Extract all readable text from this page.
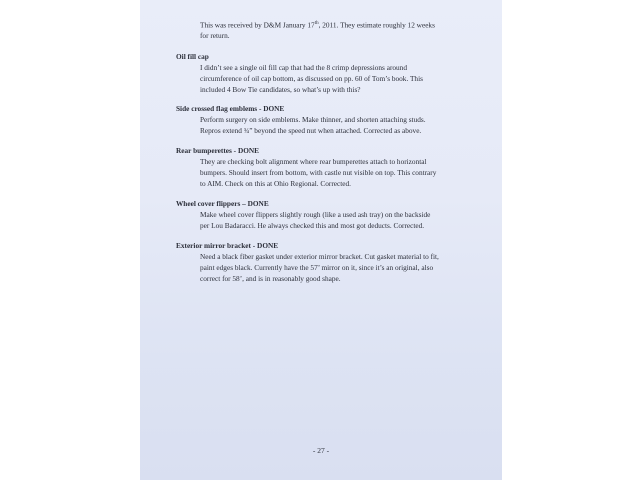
This was received by D&M January 17th, 2011. They estimate roughly 12 weeks
for return.
Oil fill cap
I didn’t see a single oil fill cap that had the 8 crimp depressions around
circumference of oil cap bottom, as discussed on pp. 60 of Tom’s book. This
included 4 Bow Tie candidates, so what’s up with this?
Side crossed flag emblems - DONE
Perform surgery on side emblems. Make thinner, and shorten attaching studs.
Repros extend ¾” beyond the speed nut when attached. Corrected as above.
Rear bumperettes - DONE
They are checking bolt alignment where rear bumperettes attach to horizontal
bumpers. Should insert from bottom, with castle nut visible on top. This contrary
to AIM. Check on this at Ohio Regional. Corrected.
Wheel cover flippers – DONE
Make wheel cover flippers slightly rough (like a used ash tray) on the backside
per Lou Badaracci. He always checked this and most got deducts. Corrected.
Exterior mirror bracket - DONE
Need a black fiber gasket under exterior mirror bracket. Cut gasket material to fit,
paint edges black. Currently have the 57’ mirror on it, since it’s an original, also
correct for 58’, and is in reasonably good shape.
- 27 -
